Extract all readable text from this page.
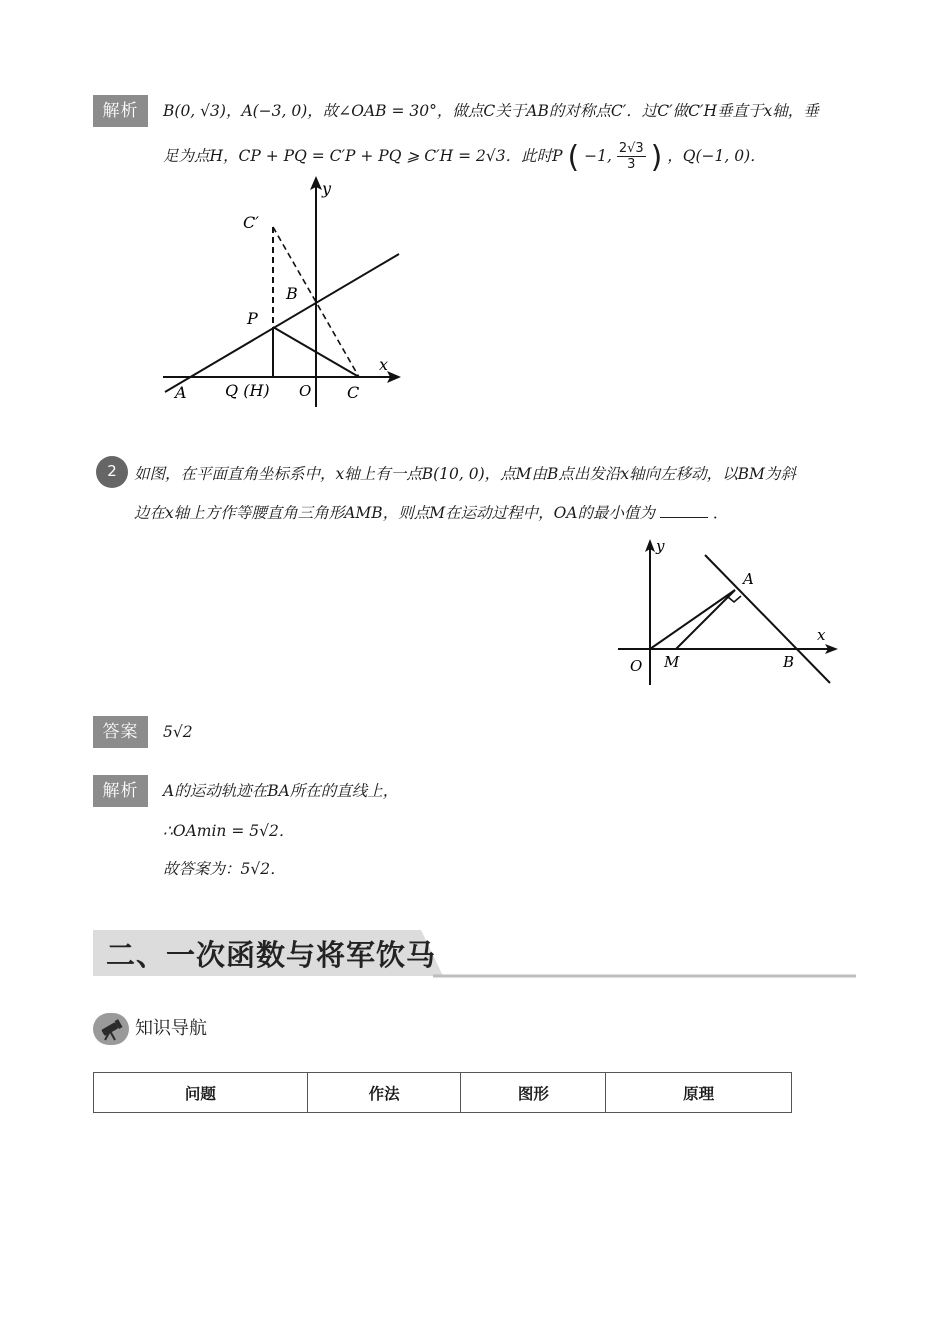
解析	B(0, √3)，A(−3, 0)，故∠OAB = 30°，做点C关于AB的对称点C′．过C′做C′H垂直于x轴，垂
足为点H，CP + PQ = C′P + PQ ⩾ C′H = 2√3．此时P ( −1, $\frac{2√3}{3}$ ) ，Q(−1, 0)．
y
x
C′
B
P
A Q (H) O C
2	如图，在平面直角坐标系中，x轴上有一点B(10, 0)，点M由B点出发沿x轴向左移动，以BM为斜
边在x轴上方作等腰直角三角形AMB，则点M在运动过程中，OA的最小值为	．
y
x
A
O M	B
答案	5√2
解析	A的运动轨迹在BA所在的直线上，
∴OAmin = 5√2．
故答案为：5√2．
二、一次函数与将军饮马
知识导航
问题	作法	图形	原理
